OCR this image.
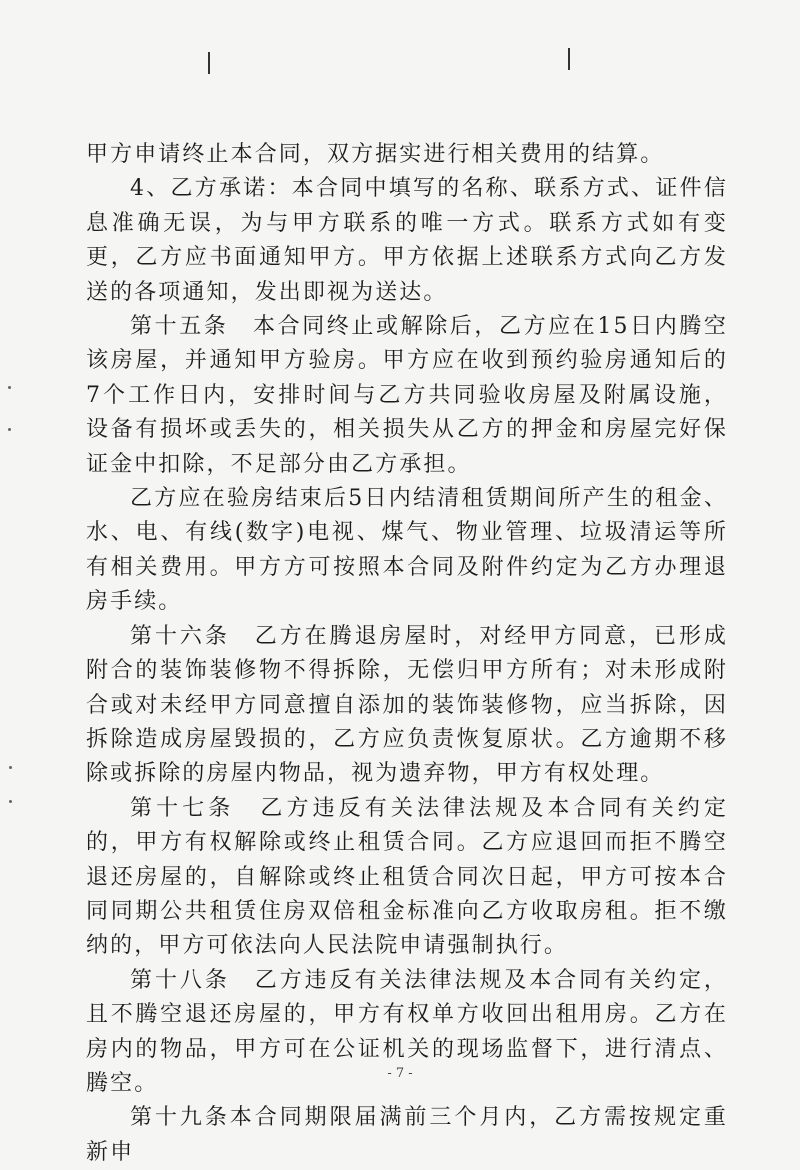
甲方申请终止本合同，双方据实进行相关费用的结算。

4、乙方承诺：本合同中填写的名称、联系方式、证件信息准确无误，为与甲方联系的唯一方式。联系方式如有变更，乙方应书面通知甲方。甲方依据上述联系方式向乙方发送的各项通知，发出即视为送达。

第十五条　本合同终止或解除后，乙方应在15日内腾空该房屋，并通知甲方验房。甲方应在收到预约验房通知后的7个工作日内，安排时间与乙方共同验收房屋及附属设施，设备有损坏或丢失的，相关损失从乙方的押金和房屋完好保证金中扣除，不足部分由乙方承担。

乙方应在验房结束后5日内结清租赁期间所产生的租金、水、电、有线(数字)电视、煤气、物业管理、垃圾清运等所有相关费用。甲方方可按照本合同及附件约定为乙方办理退房手续。

第十六条　乙方在腾退房屋时，对经甲方同意，已形成附合的装饰装修物不得拆除，无偿归甲方所有；对未形成附合或对未经甲方同意擅自添加的装饰装修物，应当拆除，因拆除造成房屋毁损的，乙方应负责恢复原状。乙方逾期不移除或拆除的房屋内物品，视为遗弃物，甲方有权处理。

第十七条　乙方违反有关法律法规及本合同有关约定的，甲方有权解除或终止租赁合同。乙方应退回而拒不腾空退还房屋的，自解除或终止租赁合同次日起，甲方可按本合同同期公共租赁住房双倍租金标准向乙方收取房租。拒不缴纳的，甲方可依法向人民法院申请强制执行。

第十八条　乙方违反有关法律法规及本合同有关约定，且不腾空退还房屋的，甲方有权单方收回出租用房。乙方在房内的物品，甲方可在公证机关的现场监督下，进行清点、腾空。

第十九条本合同期限届满前三个月内，乙方需按规定重新申

- 7 -
